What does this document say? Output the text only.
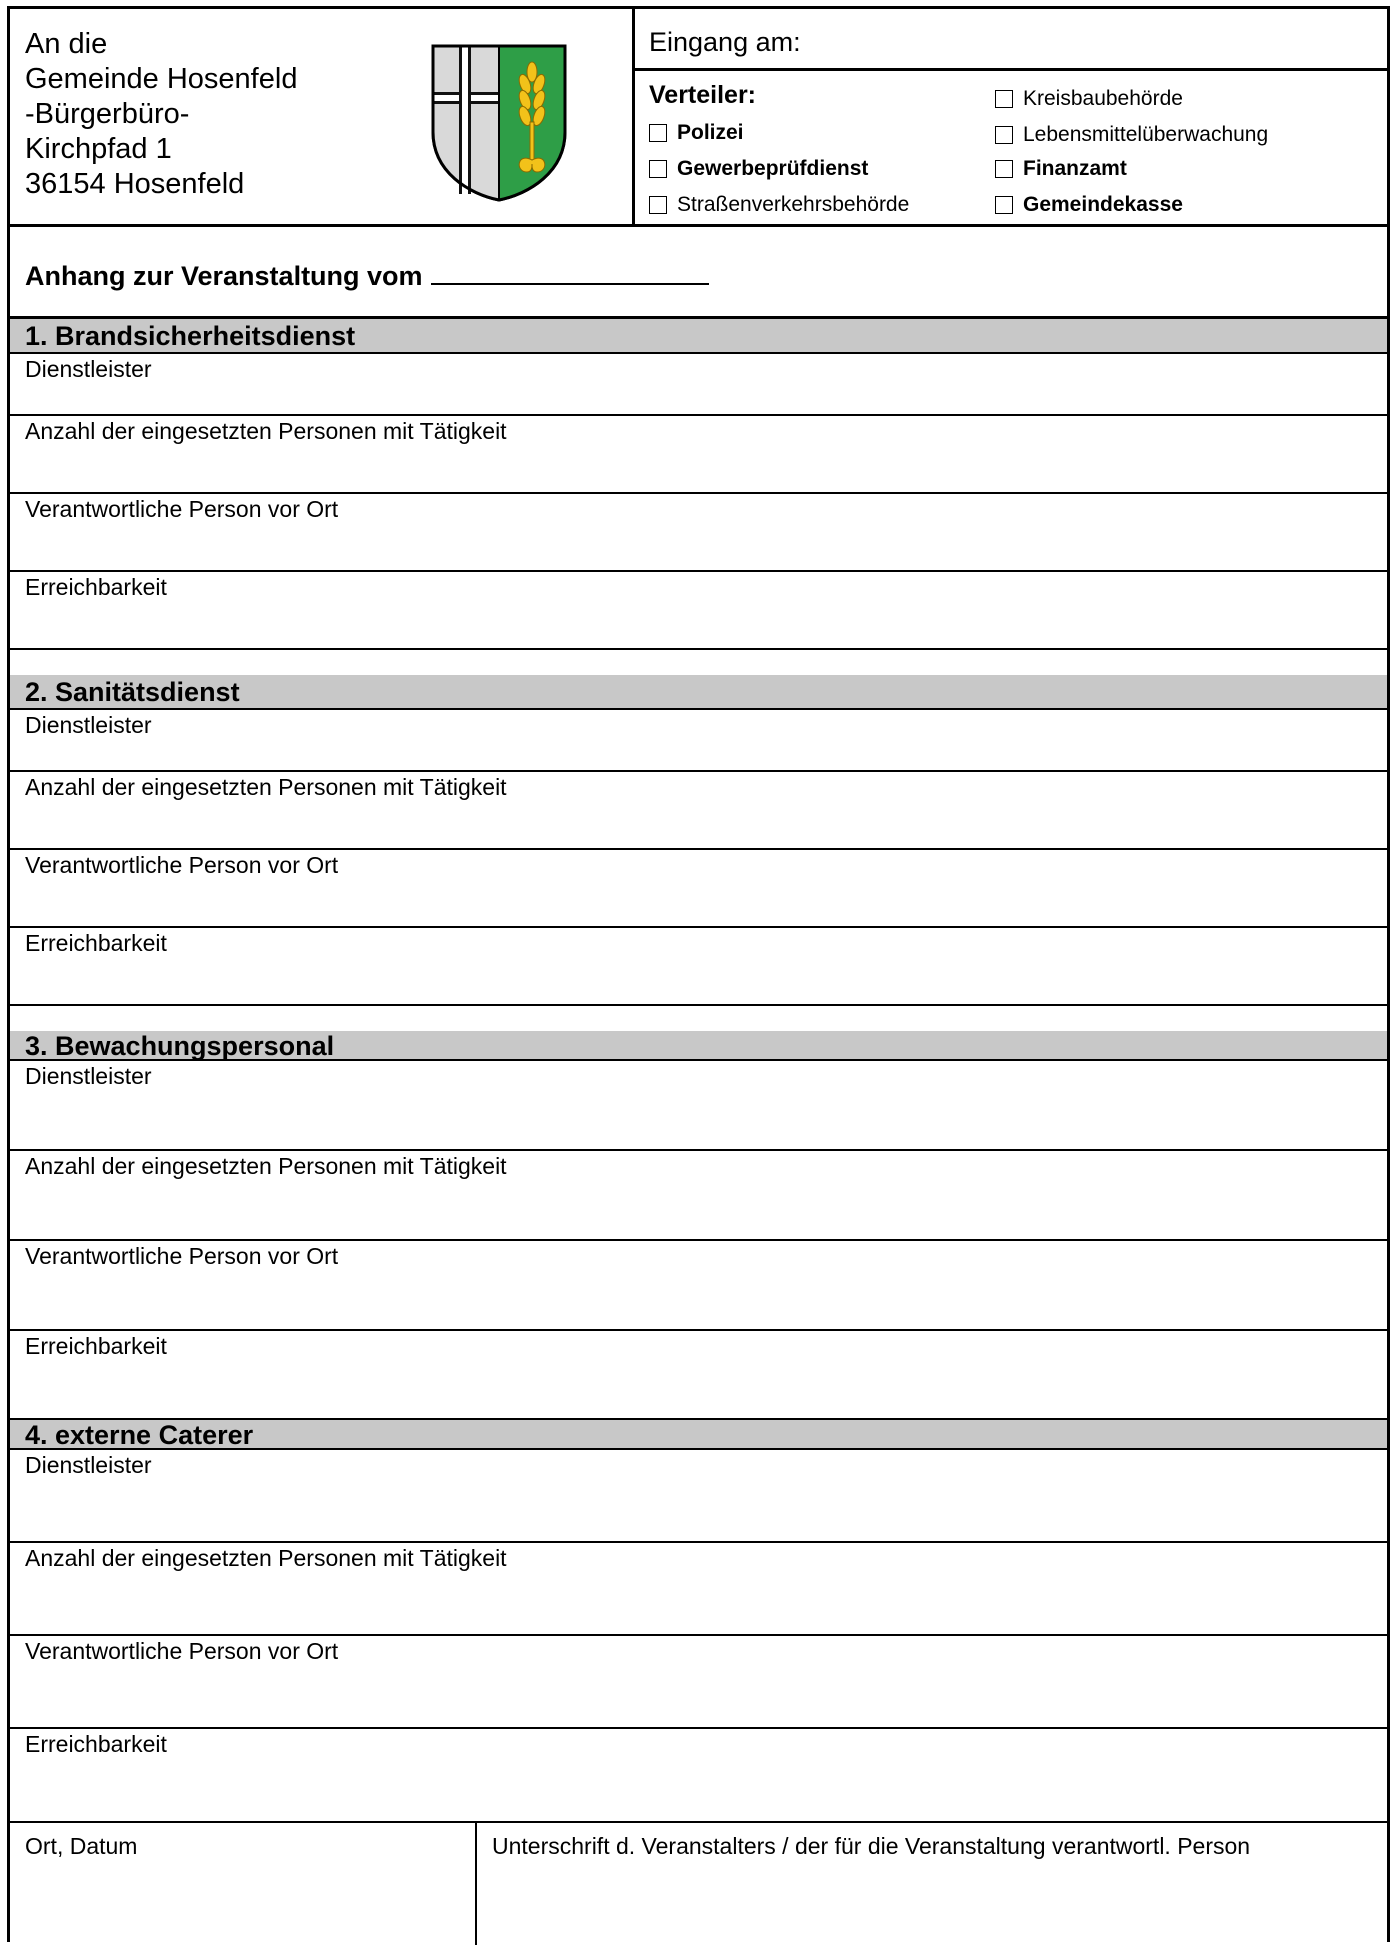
An die
Gemeinde Hosenfeld
-Bürgerbüro-
Kirchpfad 1
36154 Hosenfeld
Eingang am:
Verteiler:
Polizei
Gewerbeprüfdienst
Straßenverkehrsbehörde
Kreisbaubehörde
Lebensmittelüberwachung
Finanzamt
Gemeindekasse
Anhang zur Veranstaltung vom
1. Brandsicherheitsdienst
Dienstleister
Anzahl der eingesetzten Personen mit Tätigkeit
Verantwortliche Person vor Ort
Erreichbarkeit
2. Sanitätsdienst
Dienstleister
Anzahl der eingesetzten Personen mit Tätigkeit
Verantwortliche Person vor Ort
Erreichbarkeit
3. Bewachungspersonal
Dienstleister
Anzahl der eingesetzten Personen mit Tätigkeit
Verantwortliche Person vor Ort
Erreichbarkeit
4. externe Caterer
Dienstleister
Anzahl der eingesetzten Personen mit Tätigkeit
Verantwortliche Person vor Ort
Erreichbarkeit
Ort, Datum	Unterschrift d. Veranstalters / der für die Veranstaltung verantwortl. Person
